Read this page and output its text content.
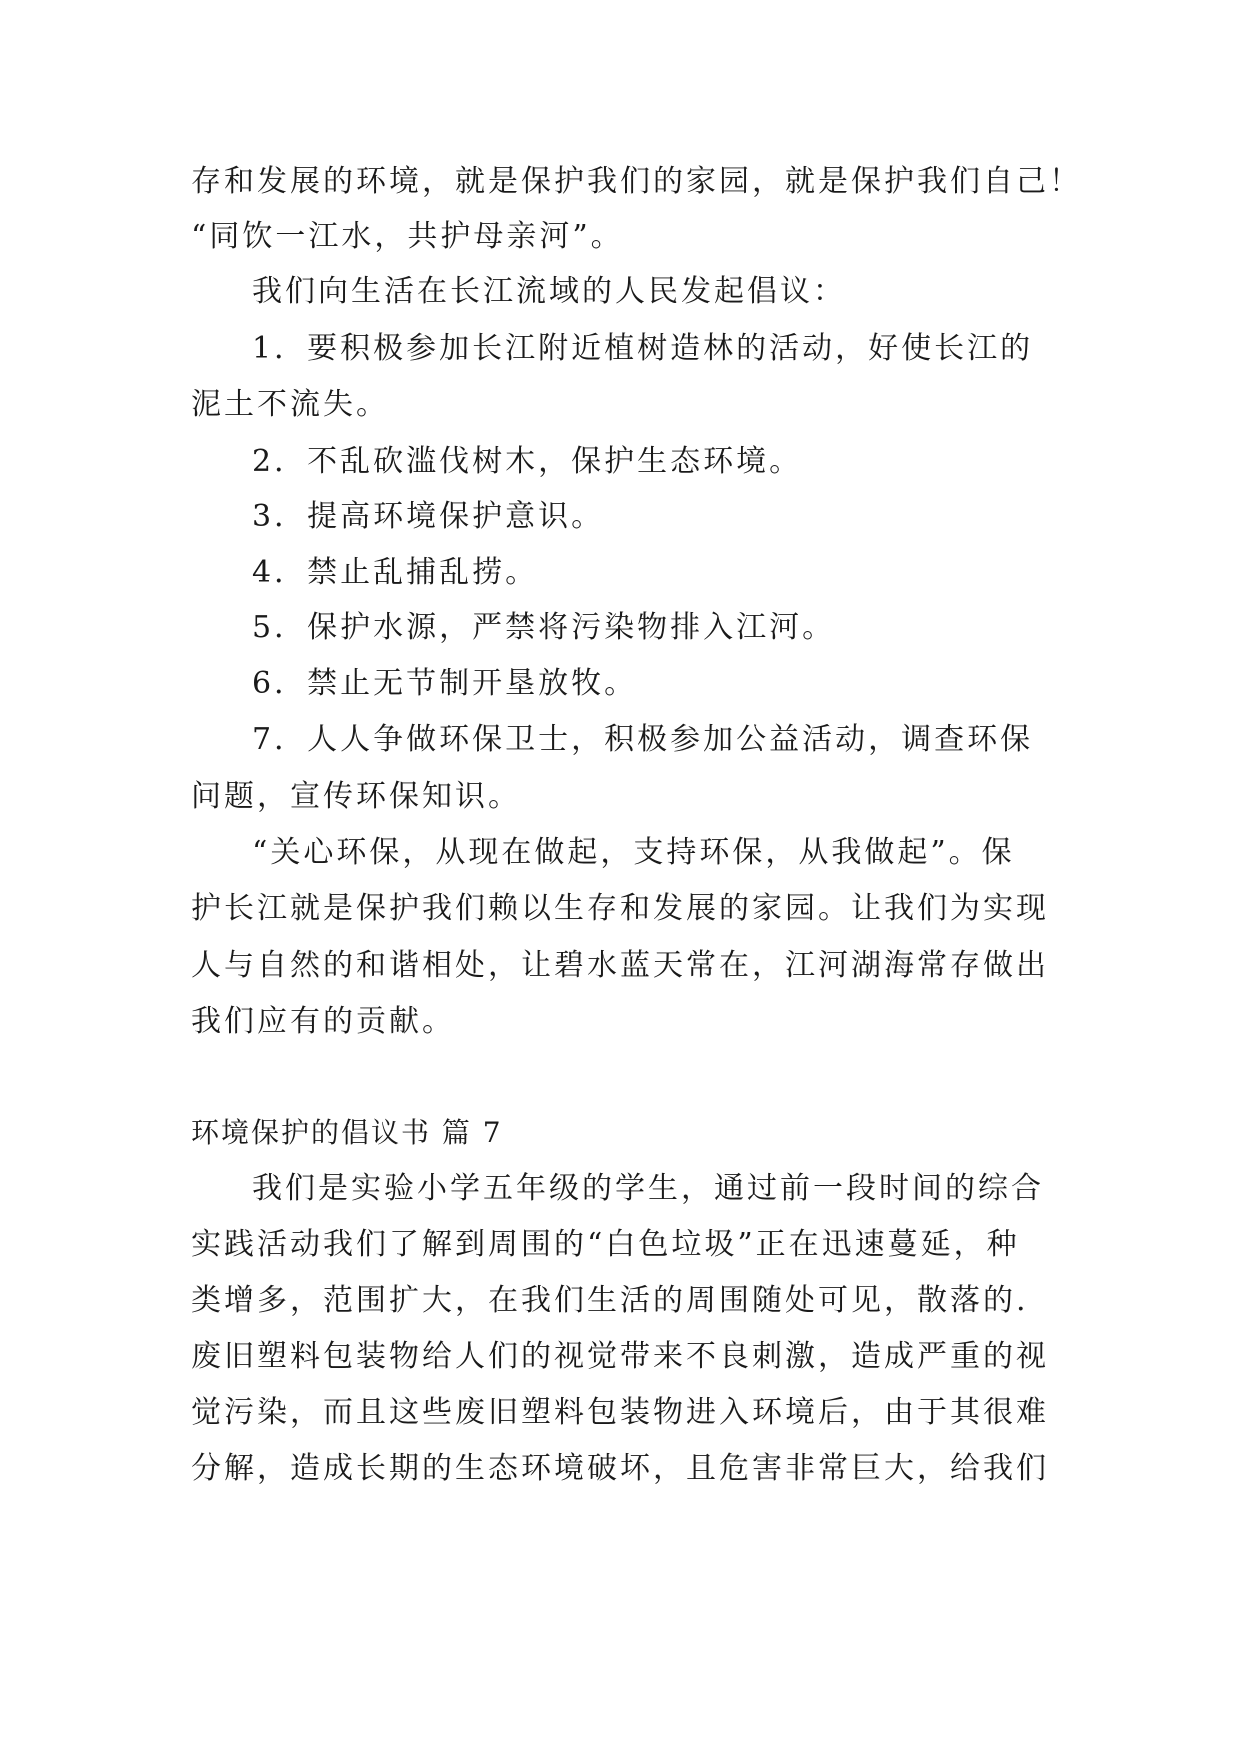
存和发展的环境，就是保护我们的家园，就是保护我们自己！
“同饮一江水，共护母亲河”。
我们向生活在长江流域的人民发起倡议：
1．要积极参加长江附近植树造林的活动，好使长江的
泥土不流失。
2．不乱砍滥伐树木，保护生态环境。
3．提高环境保护意识。
4．禁止乱捕乱捞。
5．保护水源，严禁将污染物排入江河。
6．禁止无节制开垦放牧。
7．人人争做环保卫士，积极参加公益活动，调查环保
问题，宣传环保知识。
“关心环保，从现在做起，支持环保，从我做起”。保
护长江就是保护我们赖以生存和发展的家园。让我们为实现
人与自然的和谐相处，让碧水蓝天常在，江河湖海常存做出
我们应有的贡献。
环境保护的倡议书 篇 7
我们是实验小学五年级的学生，通过前一段时间的综合
实践活动我们了解到周围的“白色垃圾”正在迅速蔓延，种
类增多，范围扩大，在我们生活的周围随处可见，散落的.
废旧塑料包装物给人们的视觉带来不良刺激，造成严重的视
觉污染，而且这些废旧塑料包装物进入环境后，由于其很难
分解，造成长期的生态环境破坏，且危害非常巨大，给我们
